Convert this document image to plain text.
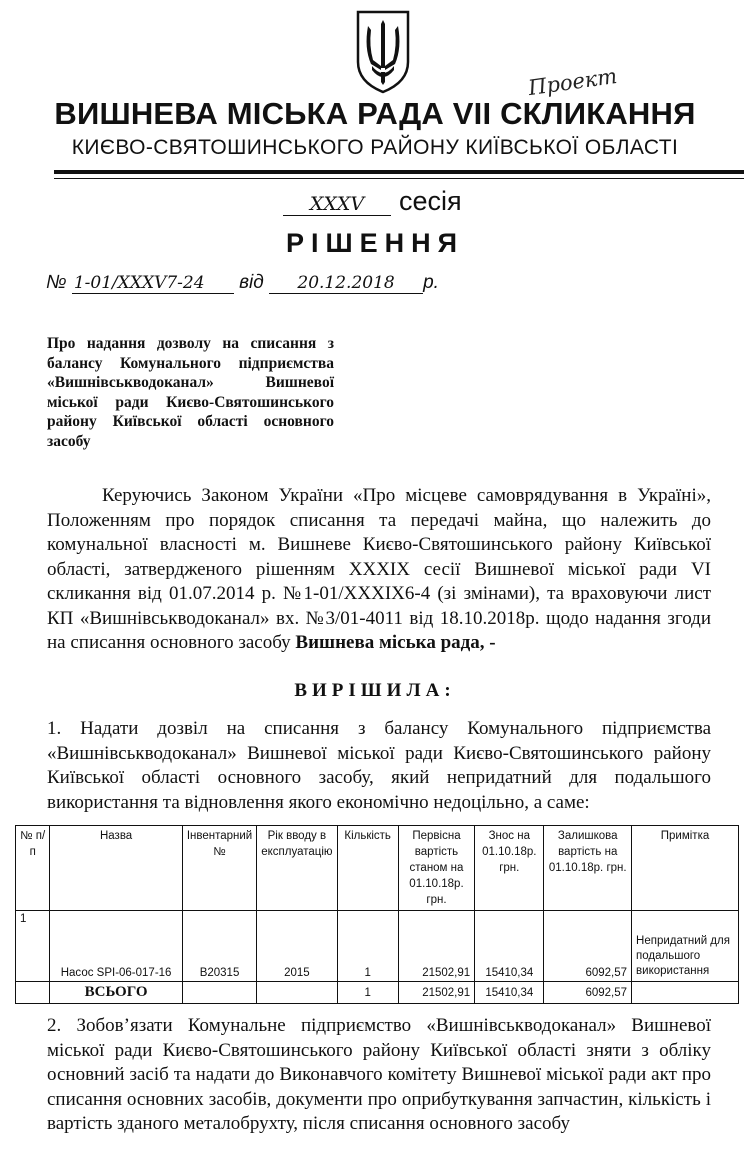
Проект
ВИШНЕВА МІСЬКА РАДА VII СКЛИКАННЯ
КИЄВО-СВЯТОШИНСЬКОГО РАЙОНУ КИЇВСЬКОЇ ОБЛАСТІ
XXXV сесія
РІШЕННЯ
№ 1-01/XXXV7-24 від 20.12.2018 р.
Про надання дозволу на списання з балансу Комунального підприємства «Вишнівськводоканал» Вишневої міської ради Києво-Святошинського району Київської області основного засобу
Керуючись Законом України «Про місцеве самоврядування в Україні», Положенням про порядок списання та передачі майна, що належить до комунальної власності м. Вишневе Києво-Святошинського району Київської області, затвердженого рішенням XXXIX сесії Вишневої міської ради VI скликання від 01.07.2014 р. №1-01/XXXIX6-4 (зі змінами), та враховуючи лист КП «Вишнівськводоканал» вх. №3/01-4011 від 18.10.2018р. щодо надання згоди на списання основного засобу Вишнева міська рада, -
ВИРІШИЛА:
1. Надати дозвіл на списання з балансу Комунального підприємства «Вишнівськводоканал» Вишневої міської ради Києво-Святошинського району Київської області основного засобу, який непридатний для подальшого використання та відновлення якого економічно недоцільно, а саме:
№ п/п	Назва	Інвентарний №	Рік вводу в експлуатацію	Кількість	Первісна вартість станом на 01.10.18р. грн.	Знос на 01.10.18р. грн.	Залишкова вартість на 01.10.18р. грн.	Примітка
1	Насос SPI-06-017-16	B20315	2015	1	21502,91	15410,34	6092,57	Непридатний для подальшого використання
	ВСЬОГО			1	21502,91	15410,34	6092,57	
2. Зобов’язати Комунальне підприємство «Вишнівськводоканал» Вишневої міської ради Києво-Святошинського району Київської області зняти з обліку основний засіб та надати до Виконавчого комітету Вишневої міської ради акт про списання основних засобів, документи про оприбуткування запчастин, кількість і вартість зданого металобрухту, після списання основного засобу
